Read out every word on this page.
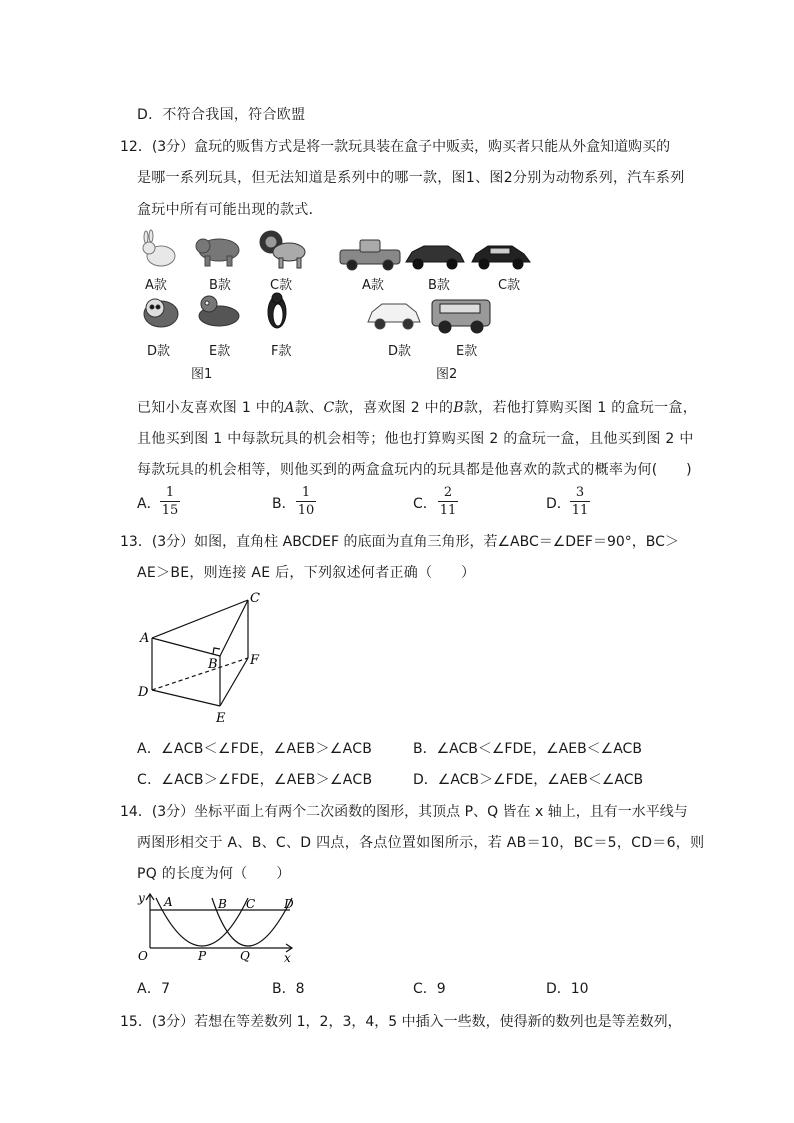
D．不符合我国，符合欧盟
12．(3分）盒玩的贩售方式是将一款玩具装在盒子中贩卖，购买者只能从外盒知道购买的
是哪一系列玩具，但无法知道是系列中的哪一款，图1、图2分别为动物系列，汽车系列
盒玩中所有可能出现的款式．
A款	B款	C款
D款	E款	F款
图1
A款	B款	C款
D款	E款
图2
已知小友喜欢图 1 中的A款、C款，喜欢图 2 中的B款，若他打算购买图 1 的盒玩一盒，
且他买到图 1 中每款玩具的机会相等；他也打算购买图 2 的盒玩一盒，且他买到图 2 中
每款玩具的机会相等，则他买到的两盒盒玩内的玩具都是他喜欢的款式的概率为何(　　)
A．
1
15	B．
1
10	C．
2
11	D．
3
11
13．(3分）如图，直角柱 ABCDEF 的底面为直角三角形，若∠ABC＝∠DEF＝90°，BC＞
AE＞BE，则连接 AE 后，下列叙述何者正确（　　）
A
B
C
D
E
F
A．∠ACB＜∠FDE，∠AEB＞∠ACB	B．∠ACB＜∠FDE，∠AEB＜∠ACB
C．∠ACB＞∠FDE，∠AEB＞∠ACB	D．∠ACB＞∠FDE，∠AEB＜∠ACB
14．(3分）坐标平面上有两个二次函数的图形，其顶点 P、Q 皆在 x 轴上，且有一水平线与
两图形相交于 A、B、C、D 四点，各点位置如图所示，若 AB＝10，BC＝5，CD＝6，则
PQ 的长度为何（　　）
y A	B C D
O	P	Q	x
A．7	B．8	C．9	D．10
15．(3分）若想在等差数列 1，2，3，4，5 中插入一些数，使得新的数列也是等差数列，
